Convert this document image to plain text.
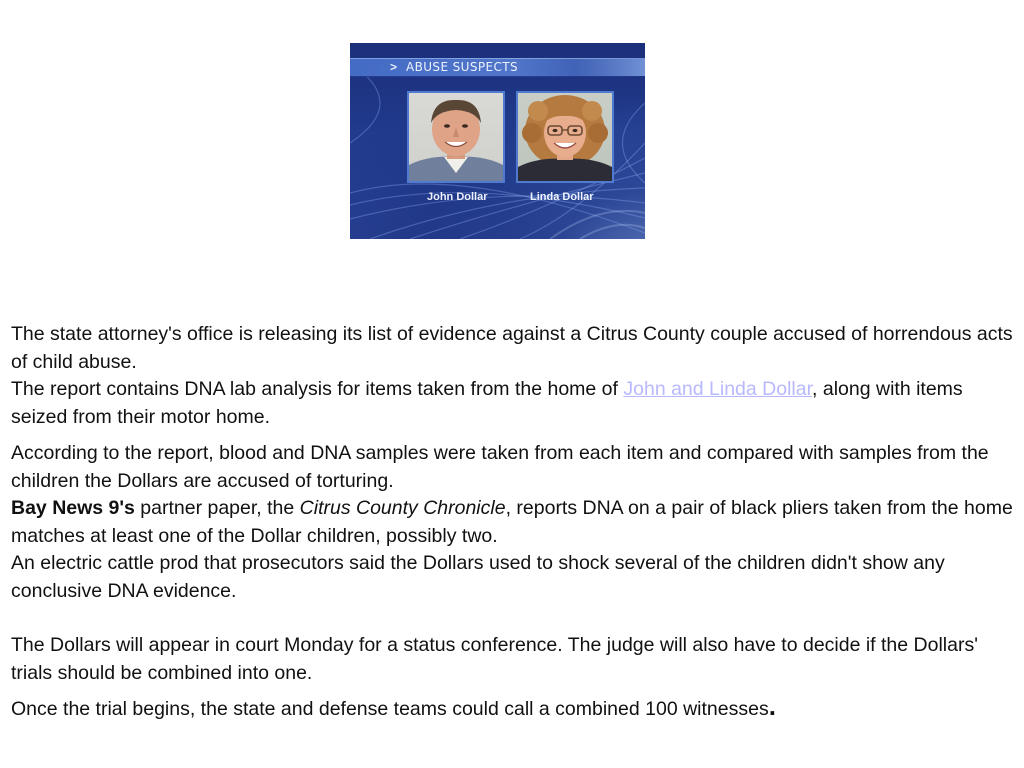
> ABUSE SUSPECTS
John Dollar	Linda Dollar

The state attorney's office is releasing its list of evidence against a Citrus County couple accused of horrendous acts of child abuse.
The report contains DNA lab analysis for items taken from the home of John and Linda Dollar, along with items seized from their motor home.

According to the report, blood and DNA samples were taken from each item and compared with samples from the children the Dollars are accused of torturing.
Bay News 9's partner paper, the Citrus County Chronicle, reports DNA on a pair of black pliers taken from the home matches at least one of the Dollar children, possibly two.
An electric cattle prod that prosecutors said the Dollars used to shock several of the children didn't show any conclusive DNA evidence.

The Dollars will appear in court Monday for a status conference. The judge will also have to decide if the Dollars' trials should be combined into one.

Once the trial begins, the state and defense teams could call a combined 100 witnesses.
